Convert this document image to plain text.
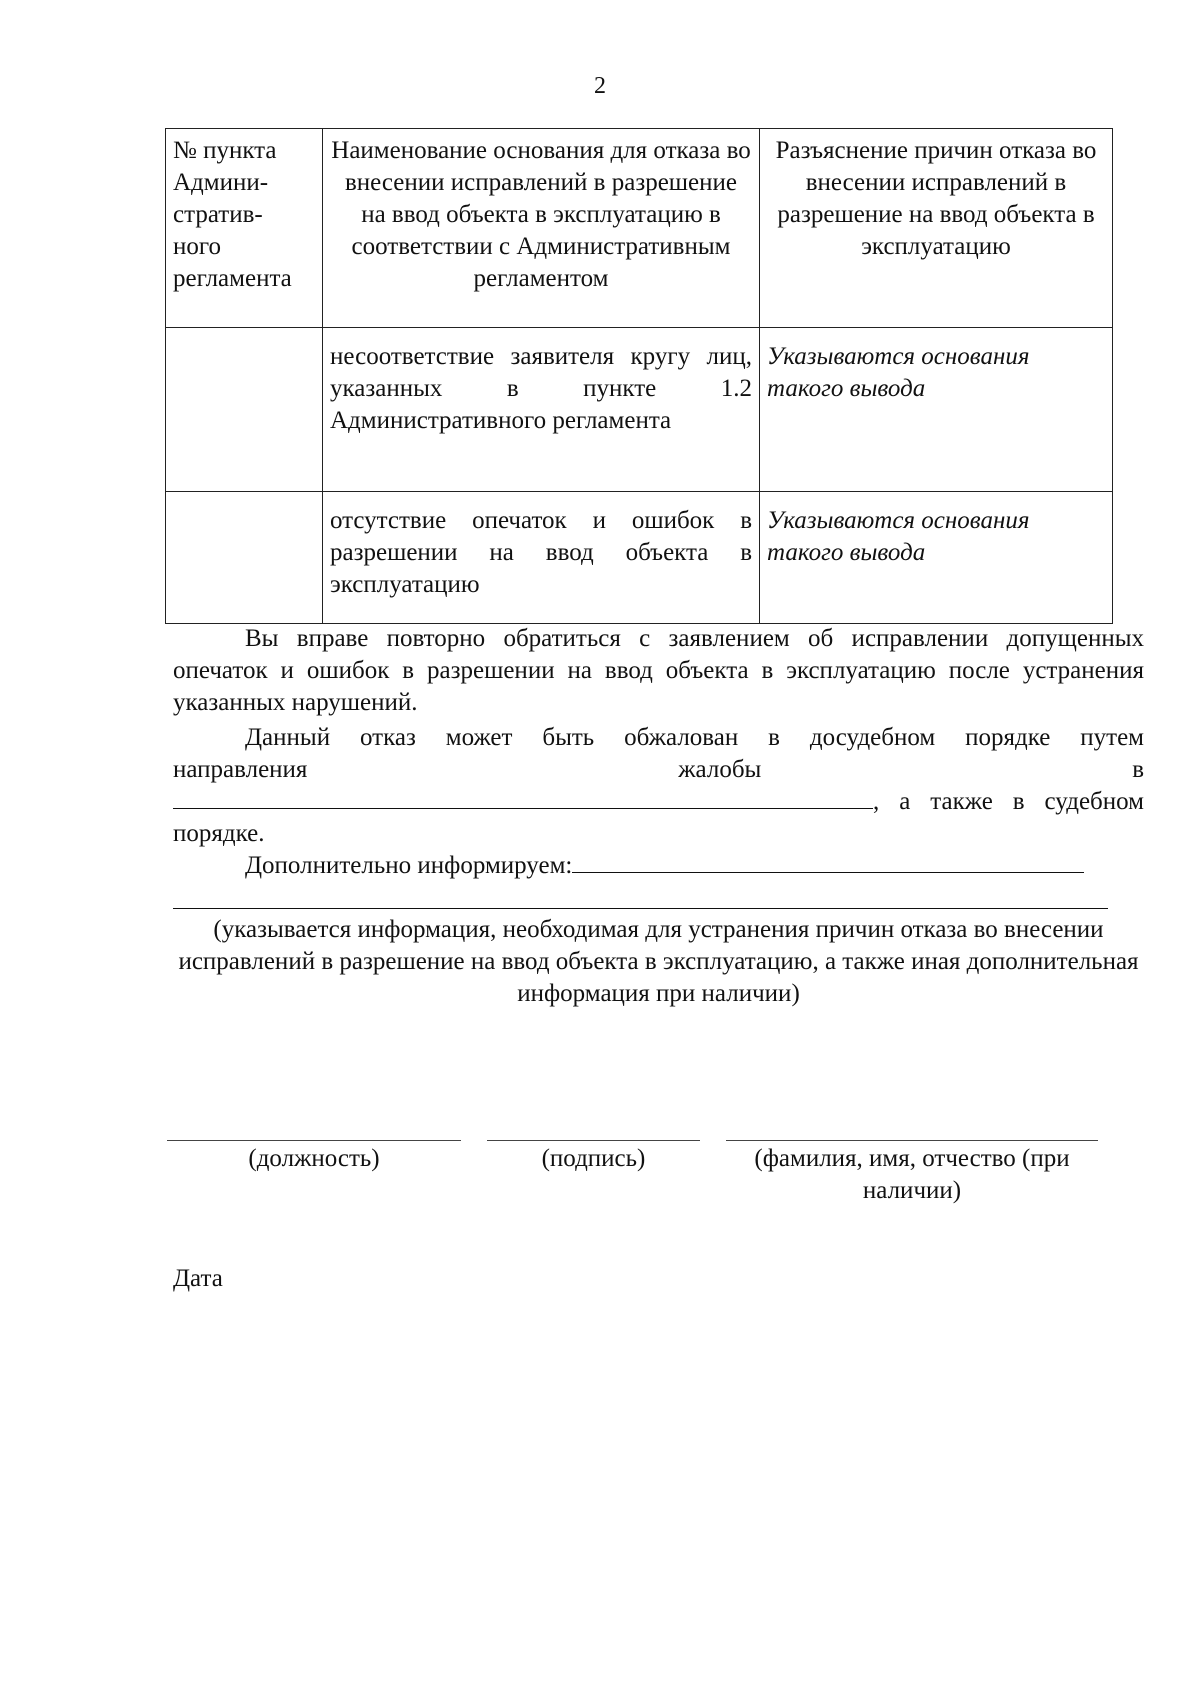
2
№ пункта
Админи-
стратив-
ного
регламента	Наименование основания для отказа во внесении исправлений в разрешение на ввод объекта в эксплуатацию в соответствии с Административным регламентом	Разъяснение причин отказа во внесении исправлений в разрешение на ввод объекта в эксплуатацию
	несоответствие заявителя кругу лиц, указанных в пункте 1.2 Административного регламента	Указываются основания такого вывода
	отсутствие опечаток и ошибок в разрешении на ввод объекта в эксплуатацию	Указываются основания такого вывода
Вы вправе повторно обратиться с заявлением об исправлении допущенных опечаток и ошибок в разрешении на ввод объекта в эксплуатацию после устранения указанных нарушений.
Данный отказ может быть обжалован в досудебном порядке путем
направления жалобы в
, а также в судебном
порядке.
Дополнительно информируем:
(указывается информация, необходимая для устранения причин отказа во внесении исправлений в разрешение на ввод объекта в эксплуатацию, а также иная дополнительная информация при наличии)
(должность)	(подпись)	(фамилия, имя, отчество (при наличии)
Дата
